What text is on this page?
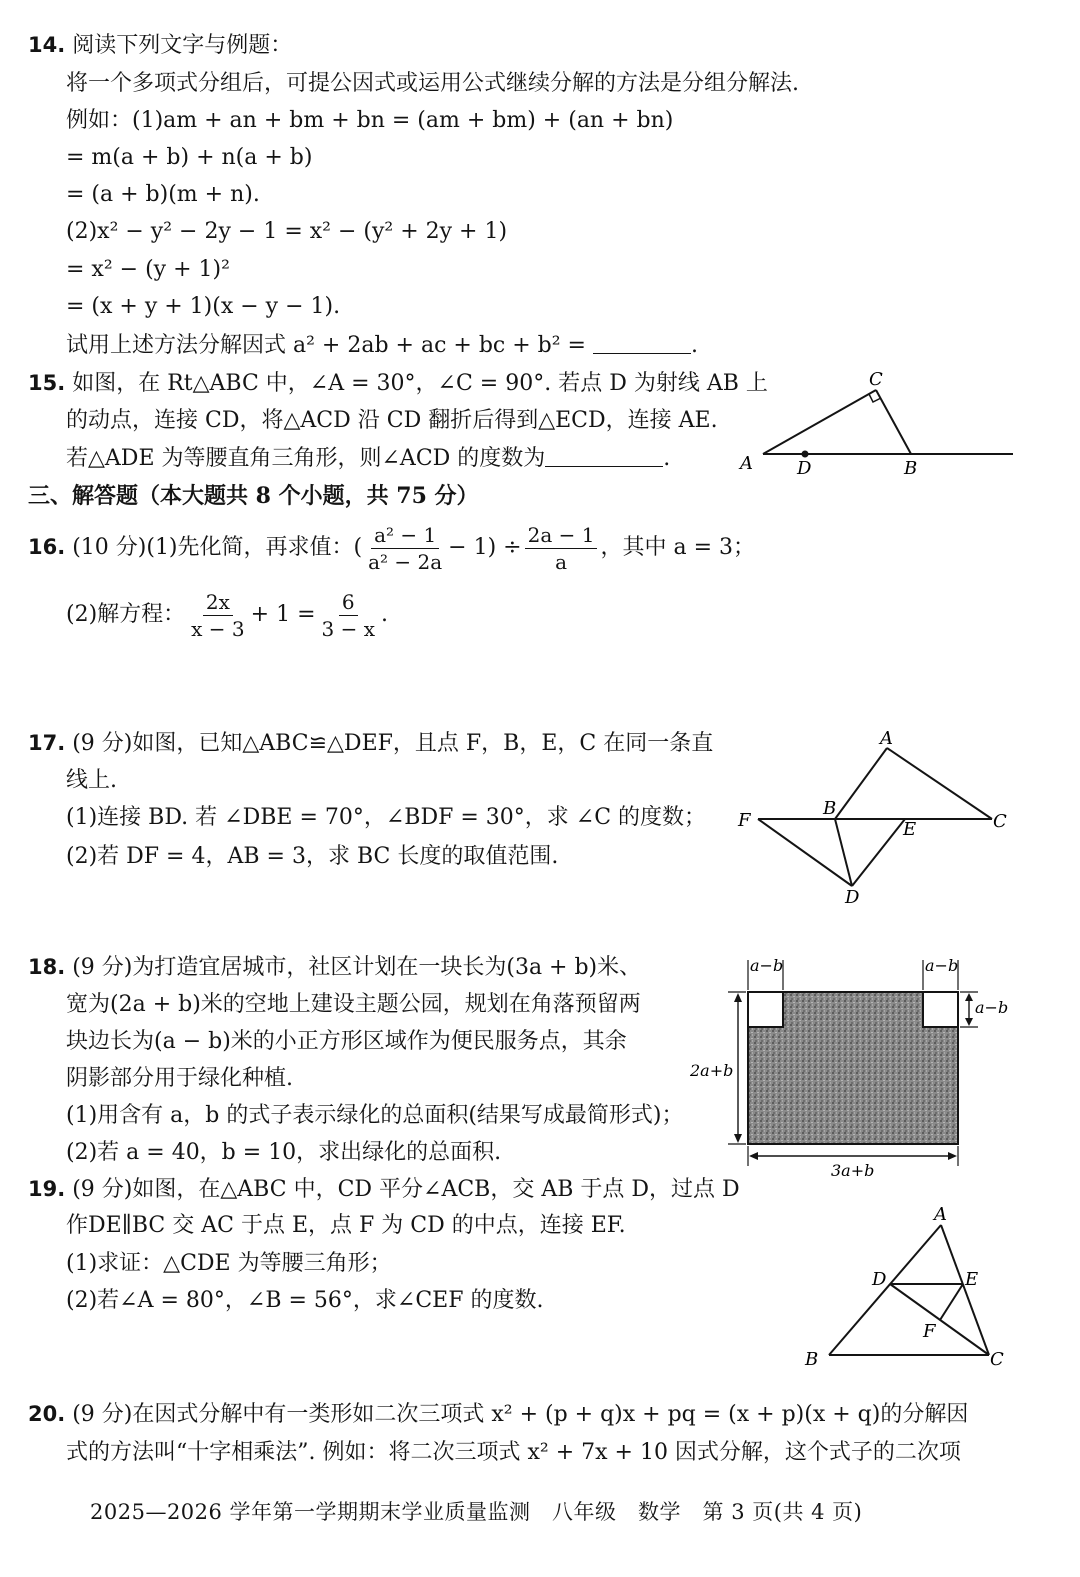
14. 阅读下列文字与例题：
将一个多项式分组后，可提公因式或运用公式继续分解的方法是分组分解法.
例如：(1)am + an + bm + bn = (am + bm) + (an + bn)
= m(a + b) + n(a + b)
= (a + b)(m + n).
(2)x² − y² − 2y − 1 = x² − (y² + 2y + 1)
= x² − (y + 1)²
= (x + y + 1)(x − y − 1).
试用上述方法分解因式 a² + 2ab + ac + bc + b² =	.
15. 如图，在 Rt△ABC 中，∠A = 30°，∠C = 90°. 若点 D 为射线 AB 上
的动点，连接 CD，将△ACD 沿 CD 翻折后得到△ECD，连接 AE.
若△ADE 为等腰直角三角形，则∠ACD 的度数为	.	A D	B
C
三、解答题（本大题共 8 个小题，共 75 分）
16. (10 分)(1)先化简，再求值：( $\frac{\text{a² − 1}}{\text{a² − 2a}} - 1) \div \frac{2a - 1}{a}$ ，其中 a = 3；
(2)解方程： $\frac{2x}{x - 3} + 1 = \frac{6}{3 - x}$ .
17. (9 分)如图，已知△ABC≌△DEF，且点 F，B，E，C 在同一条直
线上.
(1)连接 BD. 若 ∠DBE = 70°，∠BDF = 30°，求 ∠C 的度数；
(2)若 DF = 4，AB = 3，求 BC 长度的取值范围.
A
B
C
D
E
F
18. (9 分)为打造宜居城市，社区计划在一块长为(3a + b)米、
宽为(2a + b)米的空地上建设主题公园，规划在角落预留两
块边长为(a − b)米的小正方形区域作为便民服务点，其余
阴影部分用于绿化种植.
(1)用含有 a，b 的式子表示绿化的总面积(结果写成最简形式)；
(2)若 a = 40，b = 10，求出绿化的总面积.
a−b	a−b
a−b
2a+b
3a+b
19. (9 分)如图，在△ABC 中，CD 平分∠ACB，交 AB 于点 D，过点 D
作DE∥BC 交 AC 于点 E，点 F 为 CD 的中点，连接 EF.
(1)求证：△CDE 为等腰三角形；
(2)若∠A = 80°，∠B = 56°，求∠CEF 的度数.
A
B	C
D	E
F
20. (9 分)在因式分解中有一类形如二次三项式 x² + (p + q)x + pq = (x + p)(x + q)的分解因
式的方法叫“十字相乘法”. 例如：将二次三项式 x² + 7x + 10 因式分解，这个式子的二次项
2025—2026 学年第一学期期末学业质量监测　八年级　数学　第 3 页(共 4 页)
